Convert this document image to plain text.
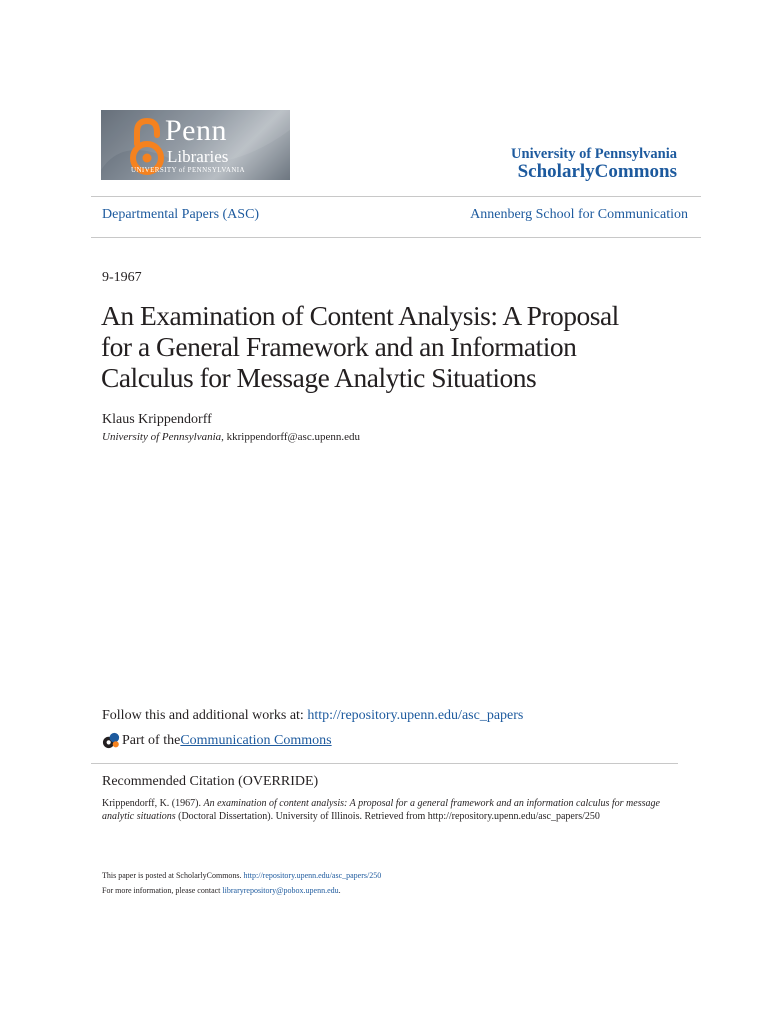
Penn
Libraries
UNIVERSITY of PENNSYLVANIA
University of Pennsylvania
ScholarlyCommons
Departmental Papers (ASC)	Annenberg School for Communication
9-1967
An Examination of Content Analysis: A Proposal
for a General Framework and an Information
Calculus for Message Analytic Situations
Klaus Krippendorff
University of Pennsylvania, kkrippendorff@asc.upenn.edu
Follow this and additional works at: http://repository.upenn.edu/asc_papers
Part of the Communication Commons
Recommended Citation (OVERRIDE)
Krippendorff, K. (1967). An examination of content analysis: A proposal for a general framework and an information calculus for message analytic situations (Doctoral Dissertation). University of Illinois. Retrieved from http://repository.upenn.edu/asc_papers/250
This paper is posted at ScholarlyCommons. http://repository.upenn.edu/asc_papers/250
For more information, please contact libraryrepository@pobox.upenn.edu.
